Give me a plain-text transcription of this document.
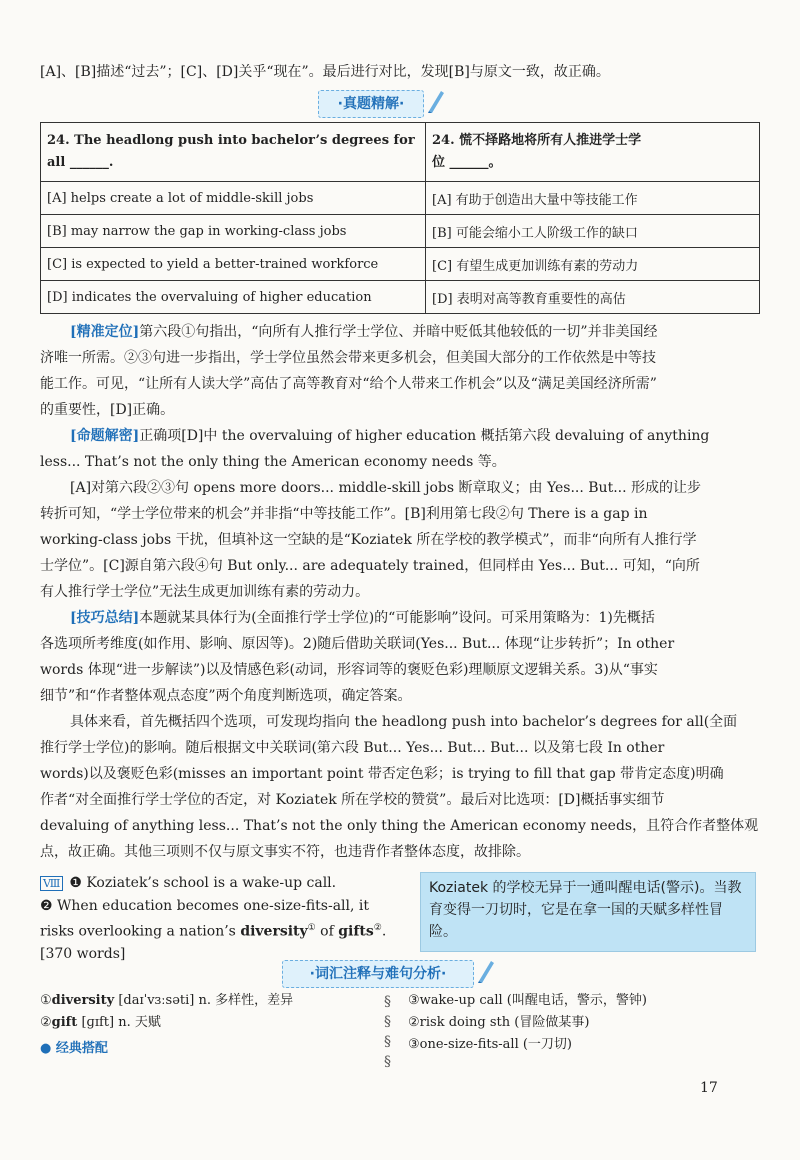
[A]、[B]描述“过去”；[C]、[D]关乎“现在”。最后进行对比，发现[B]与原文一致，故正确。
·真题精解·
24. The headlong push into bachelor’s degrees for
all ______.	24. 慌不择路地将所有人推进学士学
位 ______。
[A] helps create a lot of middle-skill jobs	[A] 有助于创造出大量中等技能工作
[B] may narrow the gap in working-class jobs	[B] 可能会缩小工人阶级工作的缺口
[C] is expected to yield a better-trained workforce	[C] 有望生成更加训练有素的劳动力
[D] indicates the overvaluing of higher education	[D] 表明对高等教育重要性的高估
[精准定位]第六段①句指出，“向所有人推行学士学位、并暗中贬低其他较低的一切”并非美国经
济唯一所需。②③句进一步指出，学士学位虽然会带来更多机会，但美国大部分的工作依然是中等技
能工作。可见，“让所有人读大学”高估了高等教育对“给个人带来工作机会”以及“满足美国经济所需”
的重要性，[D]正确。
[命题解密]正确项[D]中 the overvaluing of higher education 概括第六段 devaluing of anything
less... That’s not the only thing the American economy needs 等。
[A]对第六段②③句 opens more doors... middle-skill jobs 断章取义；由 Yes... But... 形成的让步
转折可知，“学士学位带来的机会”并非指“中等技能工作”。[B]利用第七段②句 There is a gap in
working-class jobs 干扰，但填补这一空缺的是“Koziatek 所在学校的教学模式”，而非“向所有人推行学
士学位”。[C]源自第六段④句 But only... are adequately trained，但同样由 Yes... But... 可知，“向所
有人推行学士学位”无法生成更加训练有素的劳动力。
[技巧总结]本题就某具体行为(全面推行学士学位)的“可能影响”设问。可采用策略为：1)先概括
各选项所考维度(如作用、影响、原因等)。2)随后借助关联词(Yes... But... 体现“让步转折”；In other
words 体现“进一步解读”)以及情感色彩(动词，形容词等的褒贬色彩)理顺原文逻辑关系。3)从“事实
细节”和“作者整体观点态度”两个角度判断选项，确定答案。
具体来看，首先概括四个选项，可发现均指向 the headlong push into bachelor’s degrees for all(全面
推行学士学位)的影响。随后根据文中关联词(第六段 But... Yes... But... But... 以及第七段 In other
words)以及褒贬色彩(misses an important point 带否定色彩；is trying to fill that gap 带肯定态度)明确
作者“对全面推行学士学位的否定，对 Koziatek 所在学校的赞赏”。最后对比选项：[D]概括事实细节
devaluing of anything less... That’s not the only thing the American economy needs，且符合作者整体观
点，故正确。其他三项则不仅与原文事实不符，也违背作者整体态度，故排除。
Ⅷ ❶ Koziatek’s school is a wake-up call.
❷ When education becomes one-size-fits-all, it
risks overlooking a nation’s diversity① of gifts②.
[370 words]
Koziatek 的学校无异于一通叫醒电话(警示)。当教育变得一刀切时，它是在拿一国的天赋多样性冒险。
·词汇注释与难句分析·
①diversity [daɪˈvɜːsəti] n. 多样性，差异
②gift [ɡɪft] n. 天赋
● 经典搭配
§
§
§
§
③wake-up call (叫醒电话，警示，警钟)
②risk doing sth (冒险做某事)
③one-size-fits-all (一刀切)
17
